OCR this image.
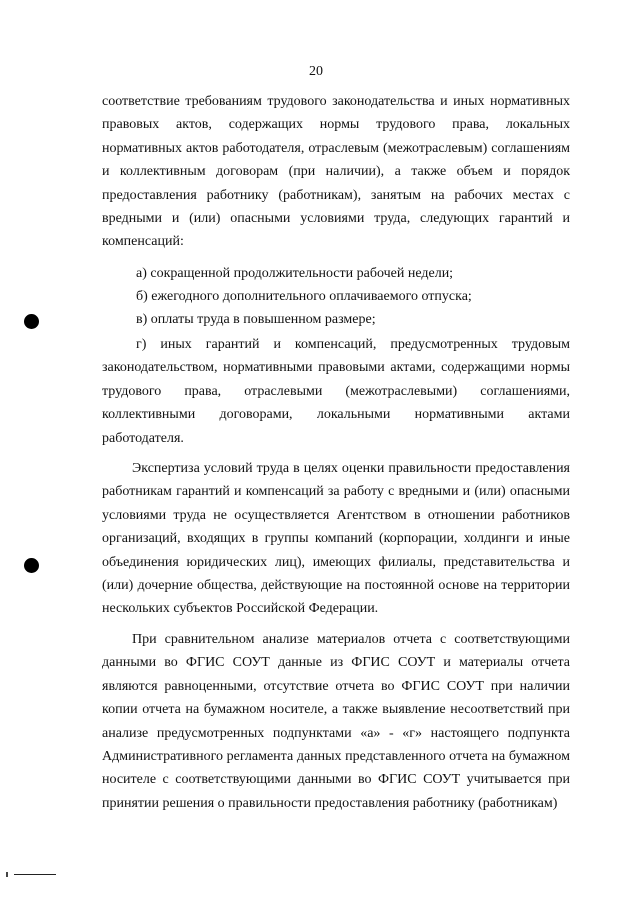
20

соответствие требованиям трудового законодательства и иных нормативных правовых актов, содержащих нормы трудового права, локальных нормативных актов работодателя, отраслевым (межотраслевым) соглашениям и коллективным договорам (при наличии), а также объем и порядок предоставления работнику (работникам), занятым на рабочих местах с вредными и (или) опасными условиями труда, следующих гарантий и компенсаций:

а) сокращенной продолжительности рабочей недели;

б) ежегодного дополнительного оплачиваемого отпуска;

в) оплаты труда в повышенном размере;

г) иных гарантий и компенсаций, предусмотренных трудовым законодательством, нормативными правовыми актами, содержащими нормы трудового права, отраслевыми (межотраслевыми) соглашениями, коллективными договорами, локальными нормативными актами работодателя.

Экспертиза условий труда в целях оценки правильности предоставления работникам гарантий и компенсаций за работу с вредными и (или) опасными условиями труда не осуществляется Агентством в отношении работников организаций, входящих в группы компаний (корпорации, холдинги и иные объединения юридических лиц), имеющих филиалы, представительства и (или) дочерние общества, действующие на постоянной основе на территории нескольких субъектов Российской Федерации.

При сравнительном анализе материалов отчета с соответствующими данными во ФГИС СОУТ данные из ФГИС СОУТ и материалы отчета являются равноценными, отсутствие отчета во ФГИС СОУТ при наличии копии отчета на бумажном носителе, а также выявление несоответствий при анализе предусмотренных подпунктами «а» - «г» настоящего подпункта Административного регламента данных представленного отчета на бумажном носителе с соответствующими данными во ФГИС СОУТ учитывается при принятии решения о правильности предоставления работнику (работникам)
